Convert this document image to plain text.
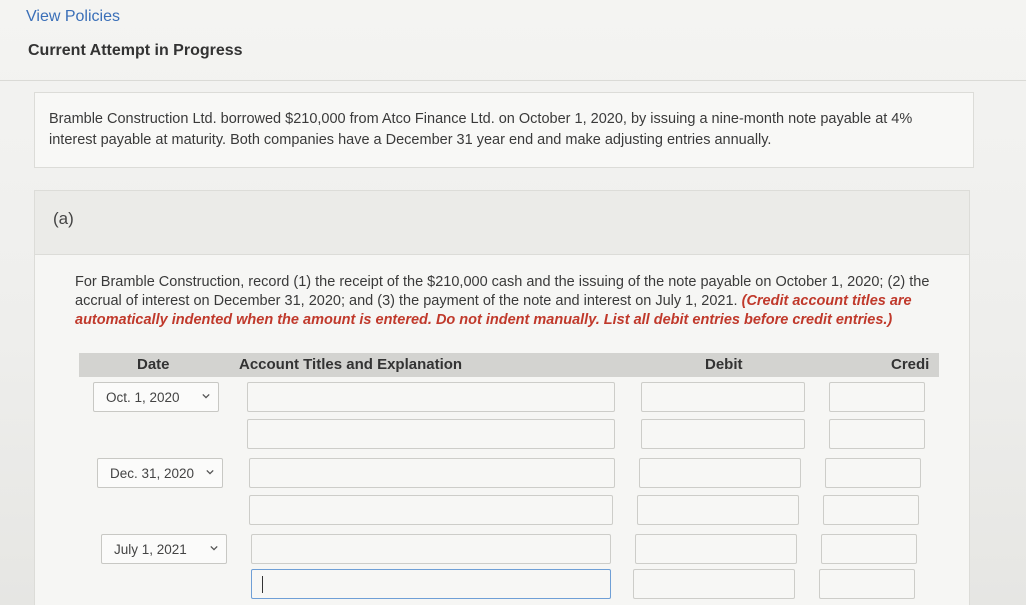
View Policies
Current Attempt in Progress
Bramble Construction Ltd. borrowed $210,000 from Atco Finance Ltd. on October 1, 2020, by issuing a nine-month note payable at 4% interest payable at maturity. Both companies have a December 31 year end and make adjusting entries annually.
(a)
For Bramble Construction, record (1) the receipt of the $210,000 cash and the issuing of the note payable on October 1, 2020; (2) the accrual of interest on December 31, 2020; and (3) the payment of the note and interest on July 1, 2021. (Credit account titles are automatically indented when the amount is entered. Do not indent manually. List all debit entries before credit entries.)
Date	Account Titles and Explanation	Debit	Credi
Oct. 1, 2020
Dec. 31, 2020
July 1, 2021
